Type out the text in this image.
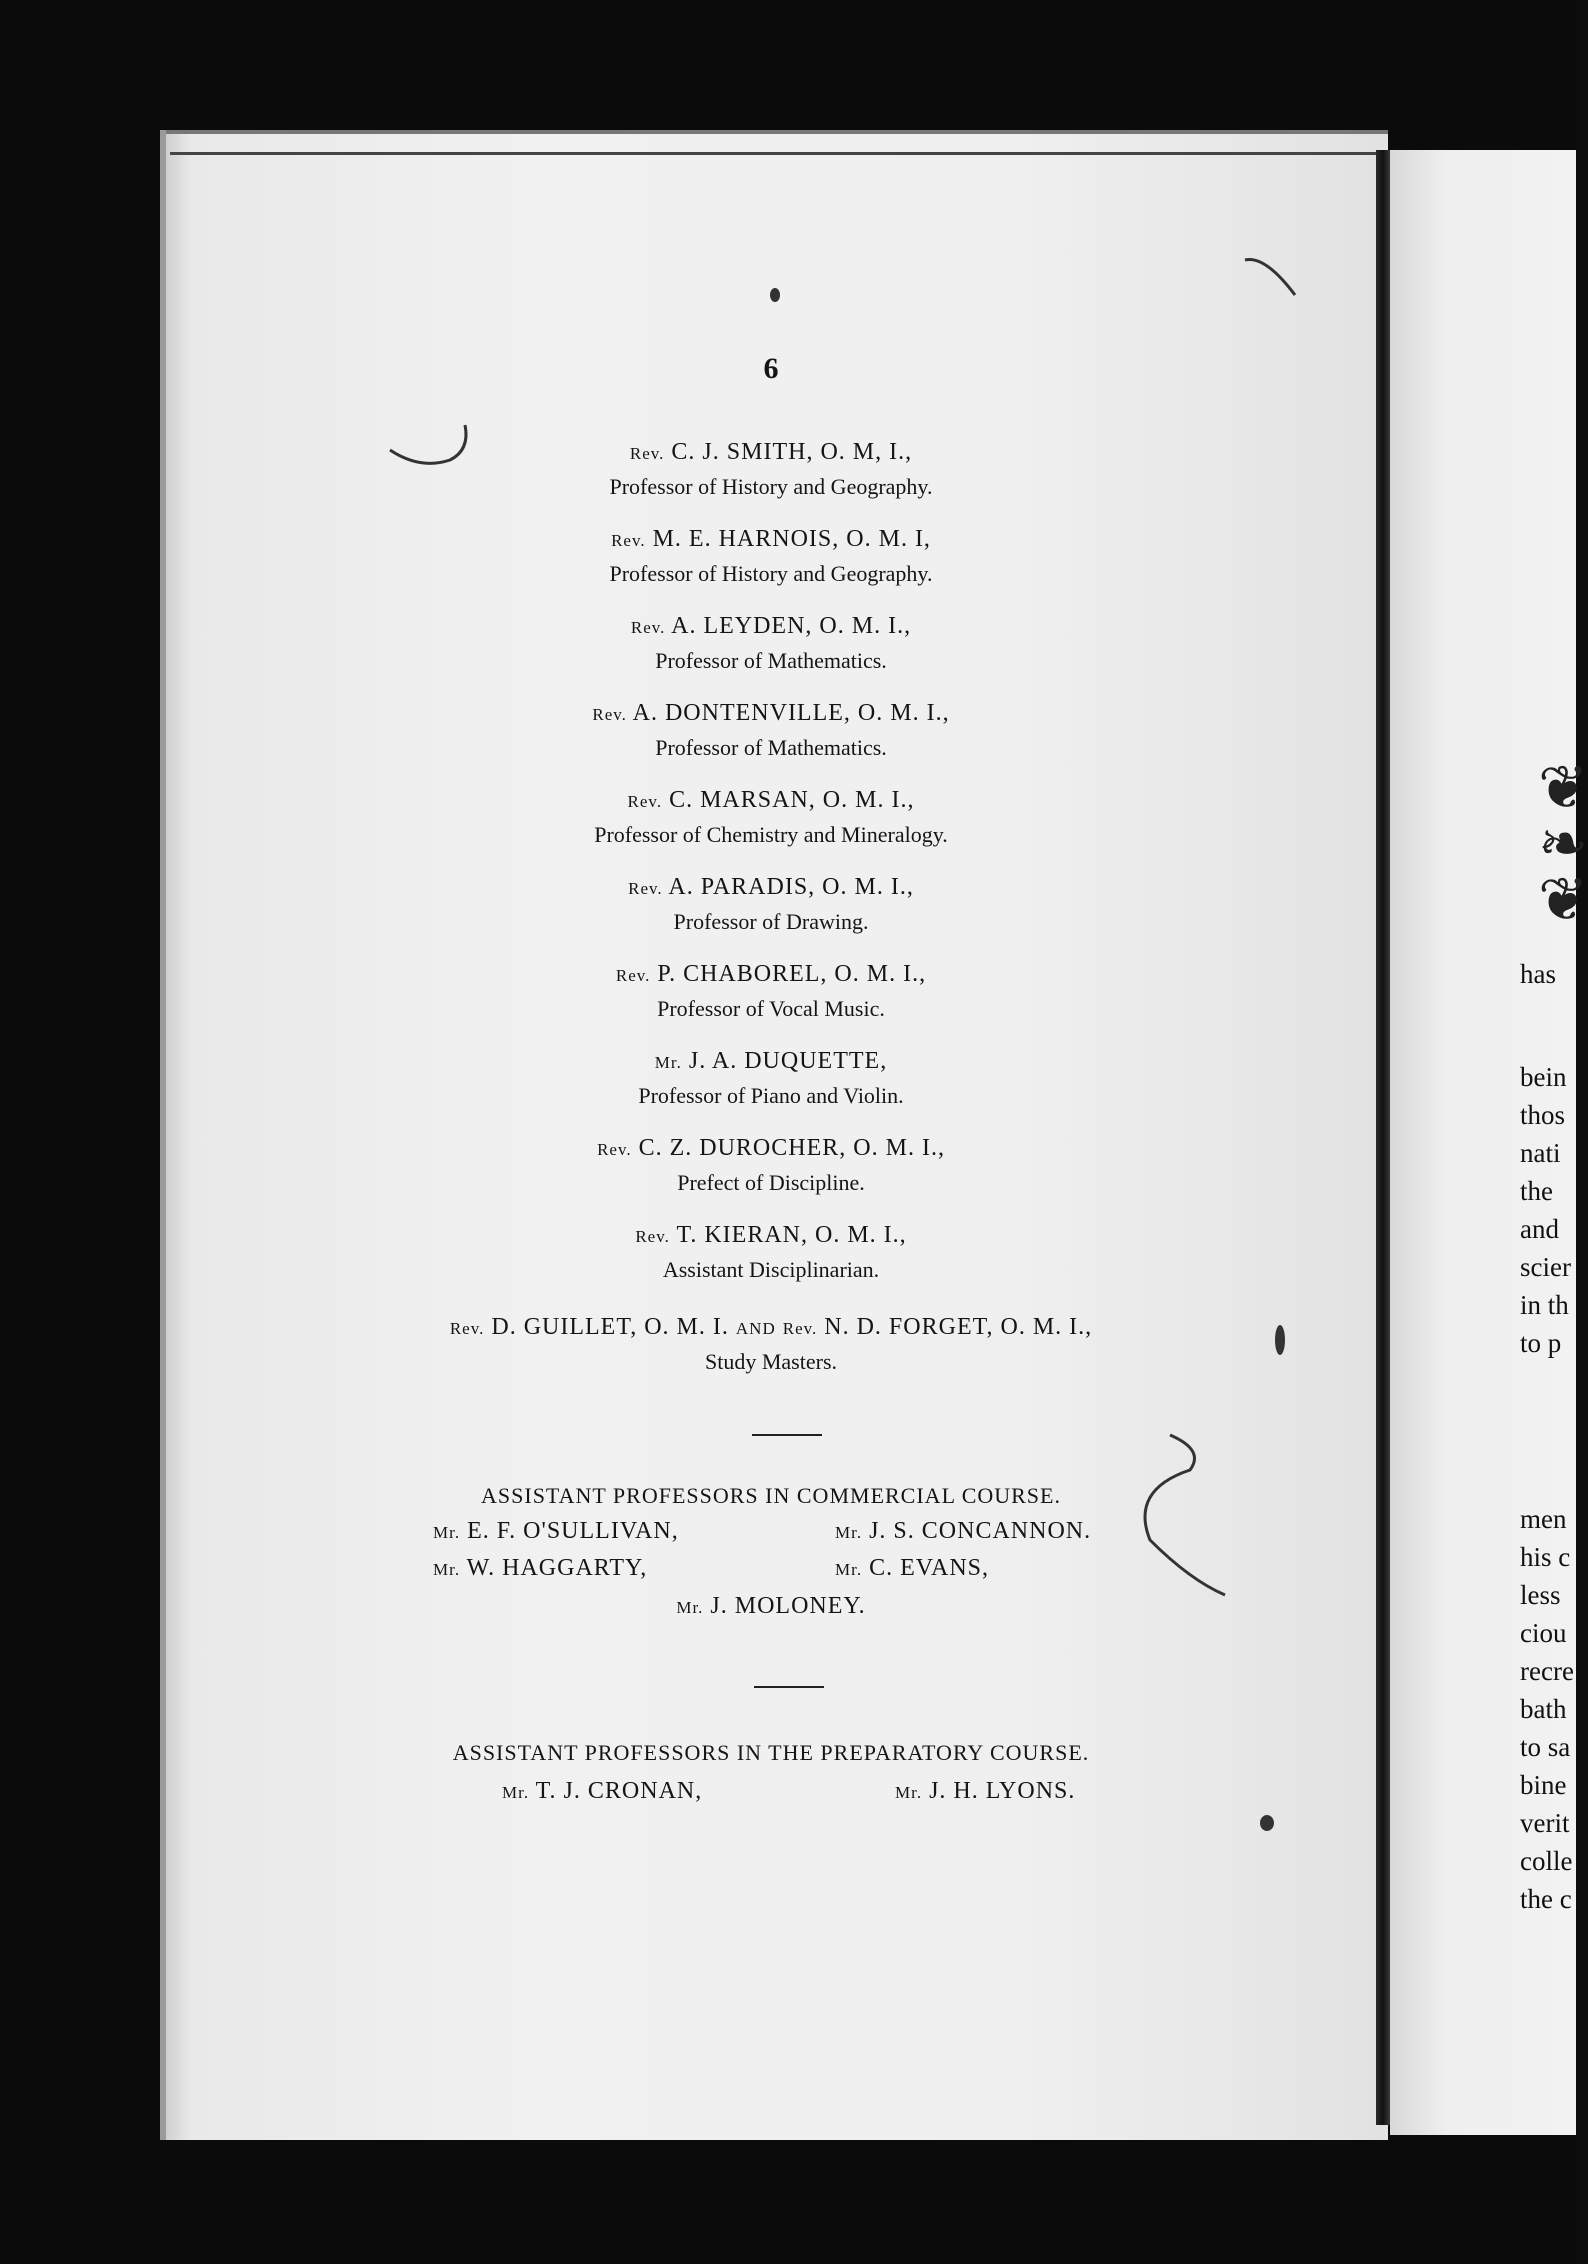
❦
❧
❦
has
bein
thos
nati
the
and
scier
in th
to p
men
his c
less
ciou
recre
bath
to sa
bine
verit
colle
the c
6
Rev. C. J. SMITH, O. M, I.,
Professor of History and Geography.
Rev. M. E. HARNOIS, O. M. I,
Professor of History and Geography.
Rev. A. LEYDEN, O. M. I.,
Professor of Mathematics.
Rev. A. DONTENVILLE, O. M. I.,
Professor of Mathematics.
Rev. C. MARSAN, O. M. I.,
Professor of Chemistry and Mineralogy.
Rev. A. PARADIS, O. M. I.,
Professor of Drawing.
Rev. P. CHABOREL, O. M. I.,
Professor of Vocal Music.
Mr. J. A. DUQUETTE,
Professor of Piano and Violin.
Rev. C. Z. DUROCHER, O. M. I.,
Prefect of Discipline.
Rev. T. KIERAN, O. M. I.,
Assistant Disciplinarian.
Rev. D. GUILLET, O. M. I. AND Rev. N. D. FORGET, O. M. I.,
Study Masters.
ASSISTANT PROFESSORS IN COMMERCIAL COURSE.
Mr. E. F. O'SULLIVAN,
Mr. W. HAGGARTY,
Mr. J. S. CONCANNON.
Mr. C. EVANS,
Mr. J. MOLONEY.
ASSISTANT PROFESSORS IN THE PREPARATORY COURSE.
Mr. T. J. CRONAN,	Mr. J. H. LYONS.
